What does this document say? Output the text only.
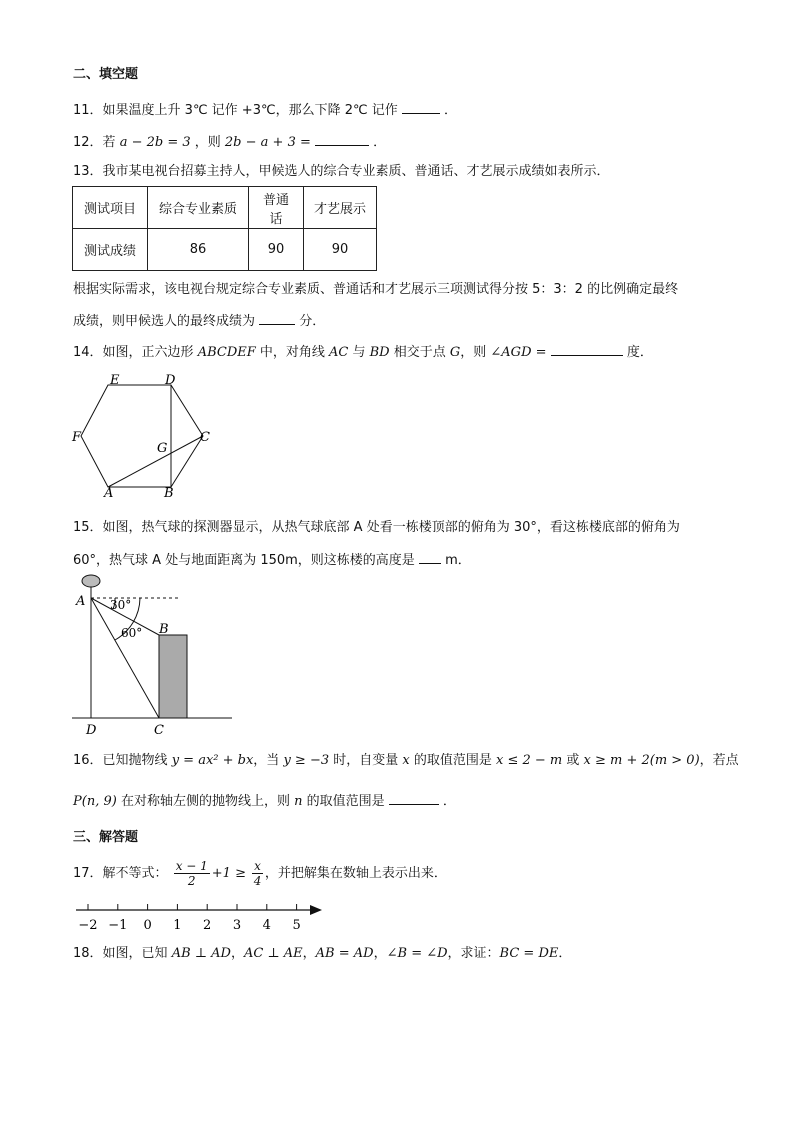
二、填空题
11．如果温度上升 3℃ 记作 +3℃，那么下降 2℃ 记作	．
12．若 a − 2b = 3 ，则 2b − a + 3 =	．
13．我市某电视台招募主持人，甲候选人的综合专业素质、普通话、才艺展示成绩如表所示．
测试项目	综合专业素质	普通话	才艺展示
测试成绩	86	90	90
根据实际需求，该电视台规定综合专业素质、普通话和才艺展示三项测试得分按 5：3：2 的比例确定最终
成绩，则甲候选人的最终成绩为	分．
14．如图，正六边形 ABCDEF 中，对角线 AC 与 BD 相交于点 G，则 ∠AGD =	度．
E	D
F	C
G
A	B
15．如图，热气球的探测器显示，从热气球底部 A 处看一栋楼顶部的俯角为 30°，看这栋楼底部的俯角为
60°，热气球 A 处与地面距离为 150m，则这栋楼的高度是 m．
A 30°
60° B
D	C
16．已知抛物线 y = ax² + bx，当 y ≥ −3 时，自变量 x 的取值范围是 x ≤ 2 − m 或 x ≥ m + 2(m > 0)，若点
P(n, 9) 在对称轴左侧的抛物线上，则 n 的取值范围是	．
三、解答题
17．解不等式： $\frac{x - 1}{2} +1 \ge \frac{x}{4}$ ，并把解集在数轴上表示出来．
−2 −1 0 1 2 3 4 5
18．如图，已知 AB ⊥ AD，AC ⊥ AE，AB = AD，∠B = ∠D，求证：BC = DE．
